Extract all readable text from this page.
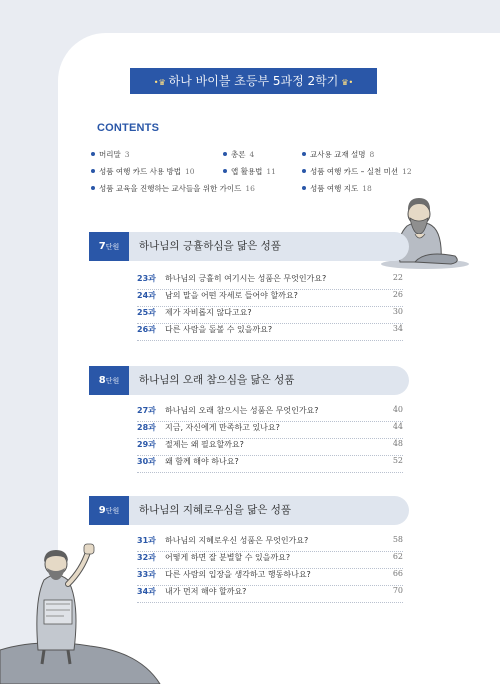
•♛ 하나 바이블 초등부 5과정 2학기 ♛•
CONTENTS
머리말 3	총론 4	교사용 교재 설명 8
성품 여행 카드 사용 방법 10	앱 활용법 11	성품 여행 카드 – 실천 미션 12
성품 교육을 진행하는 교사들을 위한 가이드 16	성품 여행 지도 18
7단원	하나님의 긍휼하심을 닮은 성품
23과 하나님의 긍휼히 여기시는 성품은 무엇인가요?	22
24과 남의 말을 어떤 자세로 들어야 할까요?	26
25과 제가 자비롭지 않다고요?	30
26과 다른 사람을 돌볼 수 있을까요?	34
8단원	하나님의 오래 참으심을 닮은 성품
27과 하나님의 오래 참으시는 성품은 무엇인가요?	40
28과 지금, 자신에게 만족하고 있나요?	44
29과 절제는 왜 필요할까요?	48
30과 왜 함께 해야 하나요?	52
9단원	하나님의 지혜로우심을 닮은 성품
31과 하나님의 지혜로우신 성품은 무엇인가요?	58
32과 어떻게 하면 잘 분별할 수 있을까요?	62
33과 다른 사람의 입장을 생각하고 행동하나요?	66
34과 내가 먼저 해야 할까요?	70
